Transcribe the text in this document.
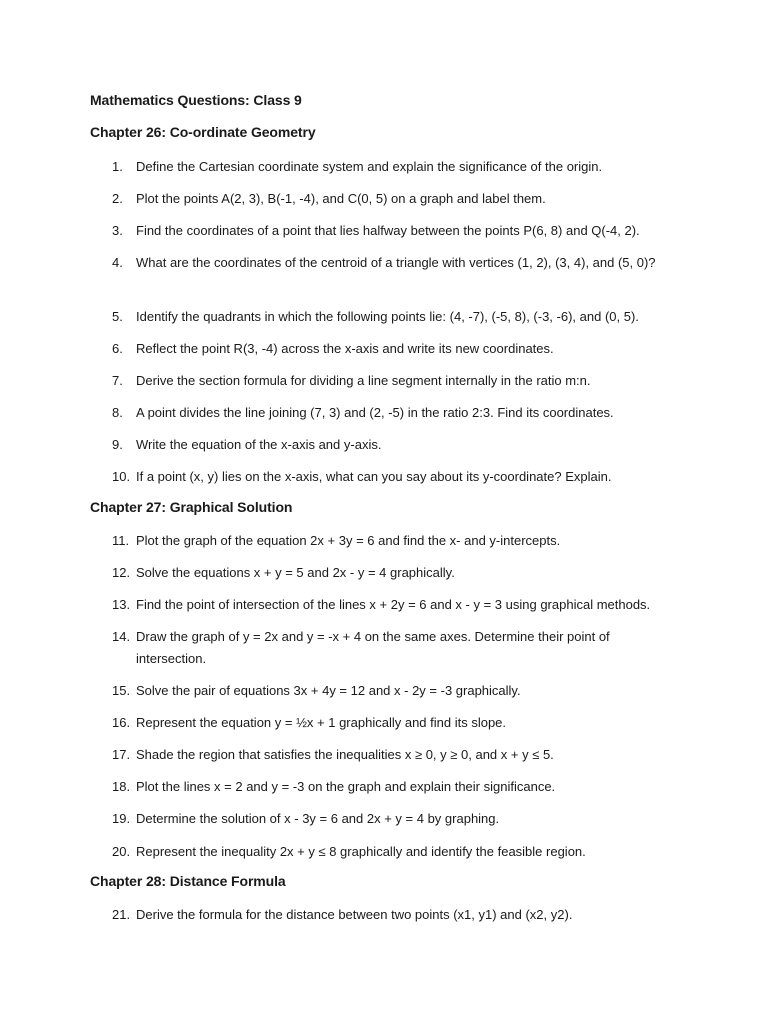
Mathematics Questions: Class 9
Chapter 26: Co-ordinate Geometry
1.	Define the Cartesian coordinate system and explain the significance of the origin.
2.	Plot the points A(2, 3), B(-1, -4), and C(0, 5) on a graph and label them.
3.	Find the coordinates of a point that lies halfway between the points P(6, 8) and Q(-4, 2).
4.	What are the coordinates of the centroid of a triangle with vertices (1, 2), (3, 4), and (5, 0)?
5.	Identify the quadrants in which the following points lie: (4, -7), (-5, 8), (-3, -6), and (0, 5).
6.	Reflect the point R(3, -4) across the x-axis and write its new coordinates.
7.	Derive the section formula for dividing a line segment internally in the ratio m:n.
8.	A point divides the line joining (7, 3) and (2, -5) in the ratio 2:3. Find its coordinates.
9.	Write the equation of the x-axis and y-axis.
10. If a point (x, y) lies on the x-axis, what can you say about its y-coordinate? Explain.
Chapter 27: Graphical Solution
11. Plot the graph of the equation 2x + 3y = 6 and find the x- and y-intercepts.
12. Solve the equations x + y = 5 and 2x - y = 4 graphically.
13. Find the point of intersection of the lines x + 2y = 6 and x - y = 3 using graphical methods.
14. Draw the graph of y = 2x and y = -x + 4 on the same axes. Determine their point of intersection.
15. Solve the pair of equations 3x + 4y = 12 and x - 2y = -3 graphically.
16. Represent the equation y = ½x + 1 graphically and find its slope.
17. Shade the region that satisfies the inequalities x ≥ 0, y ≥ 0, and x + y ≤ 5.
18. Plot the lines x = 2 and y = -3 on the graph and explain their significance.
19. Determine the solution of x - 3y = 6 and 2x + y = 4 by graphing.
20. Represent the inequality 2x + y ≤ 8 graphically and identify the feasible region.
Chapter 28: Distance Formula
21. Derive the formula for the distance between two points (x1, y1) and (x2, y2).
